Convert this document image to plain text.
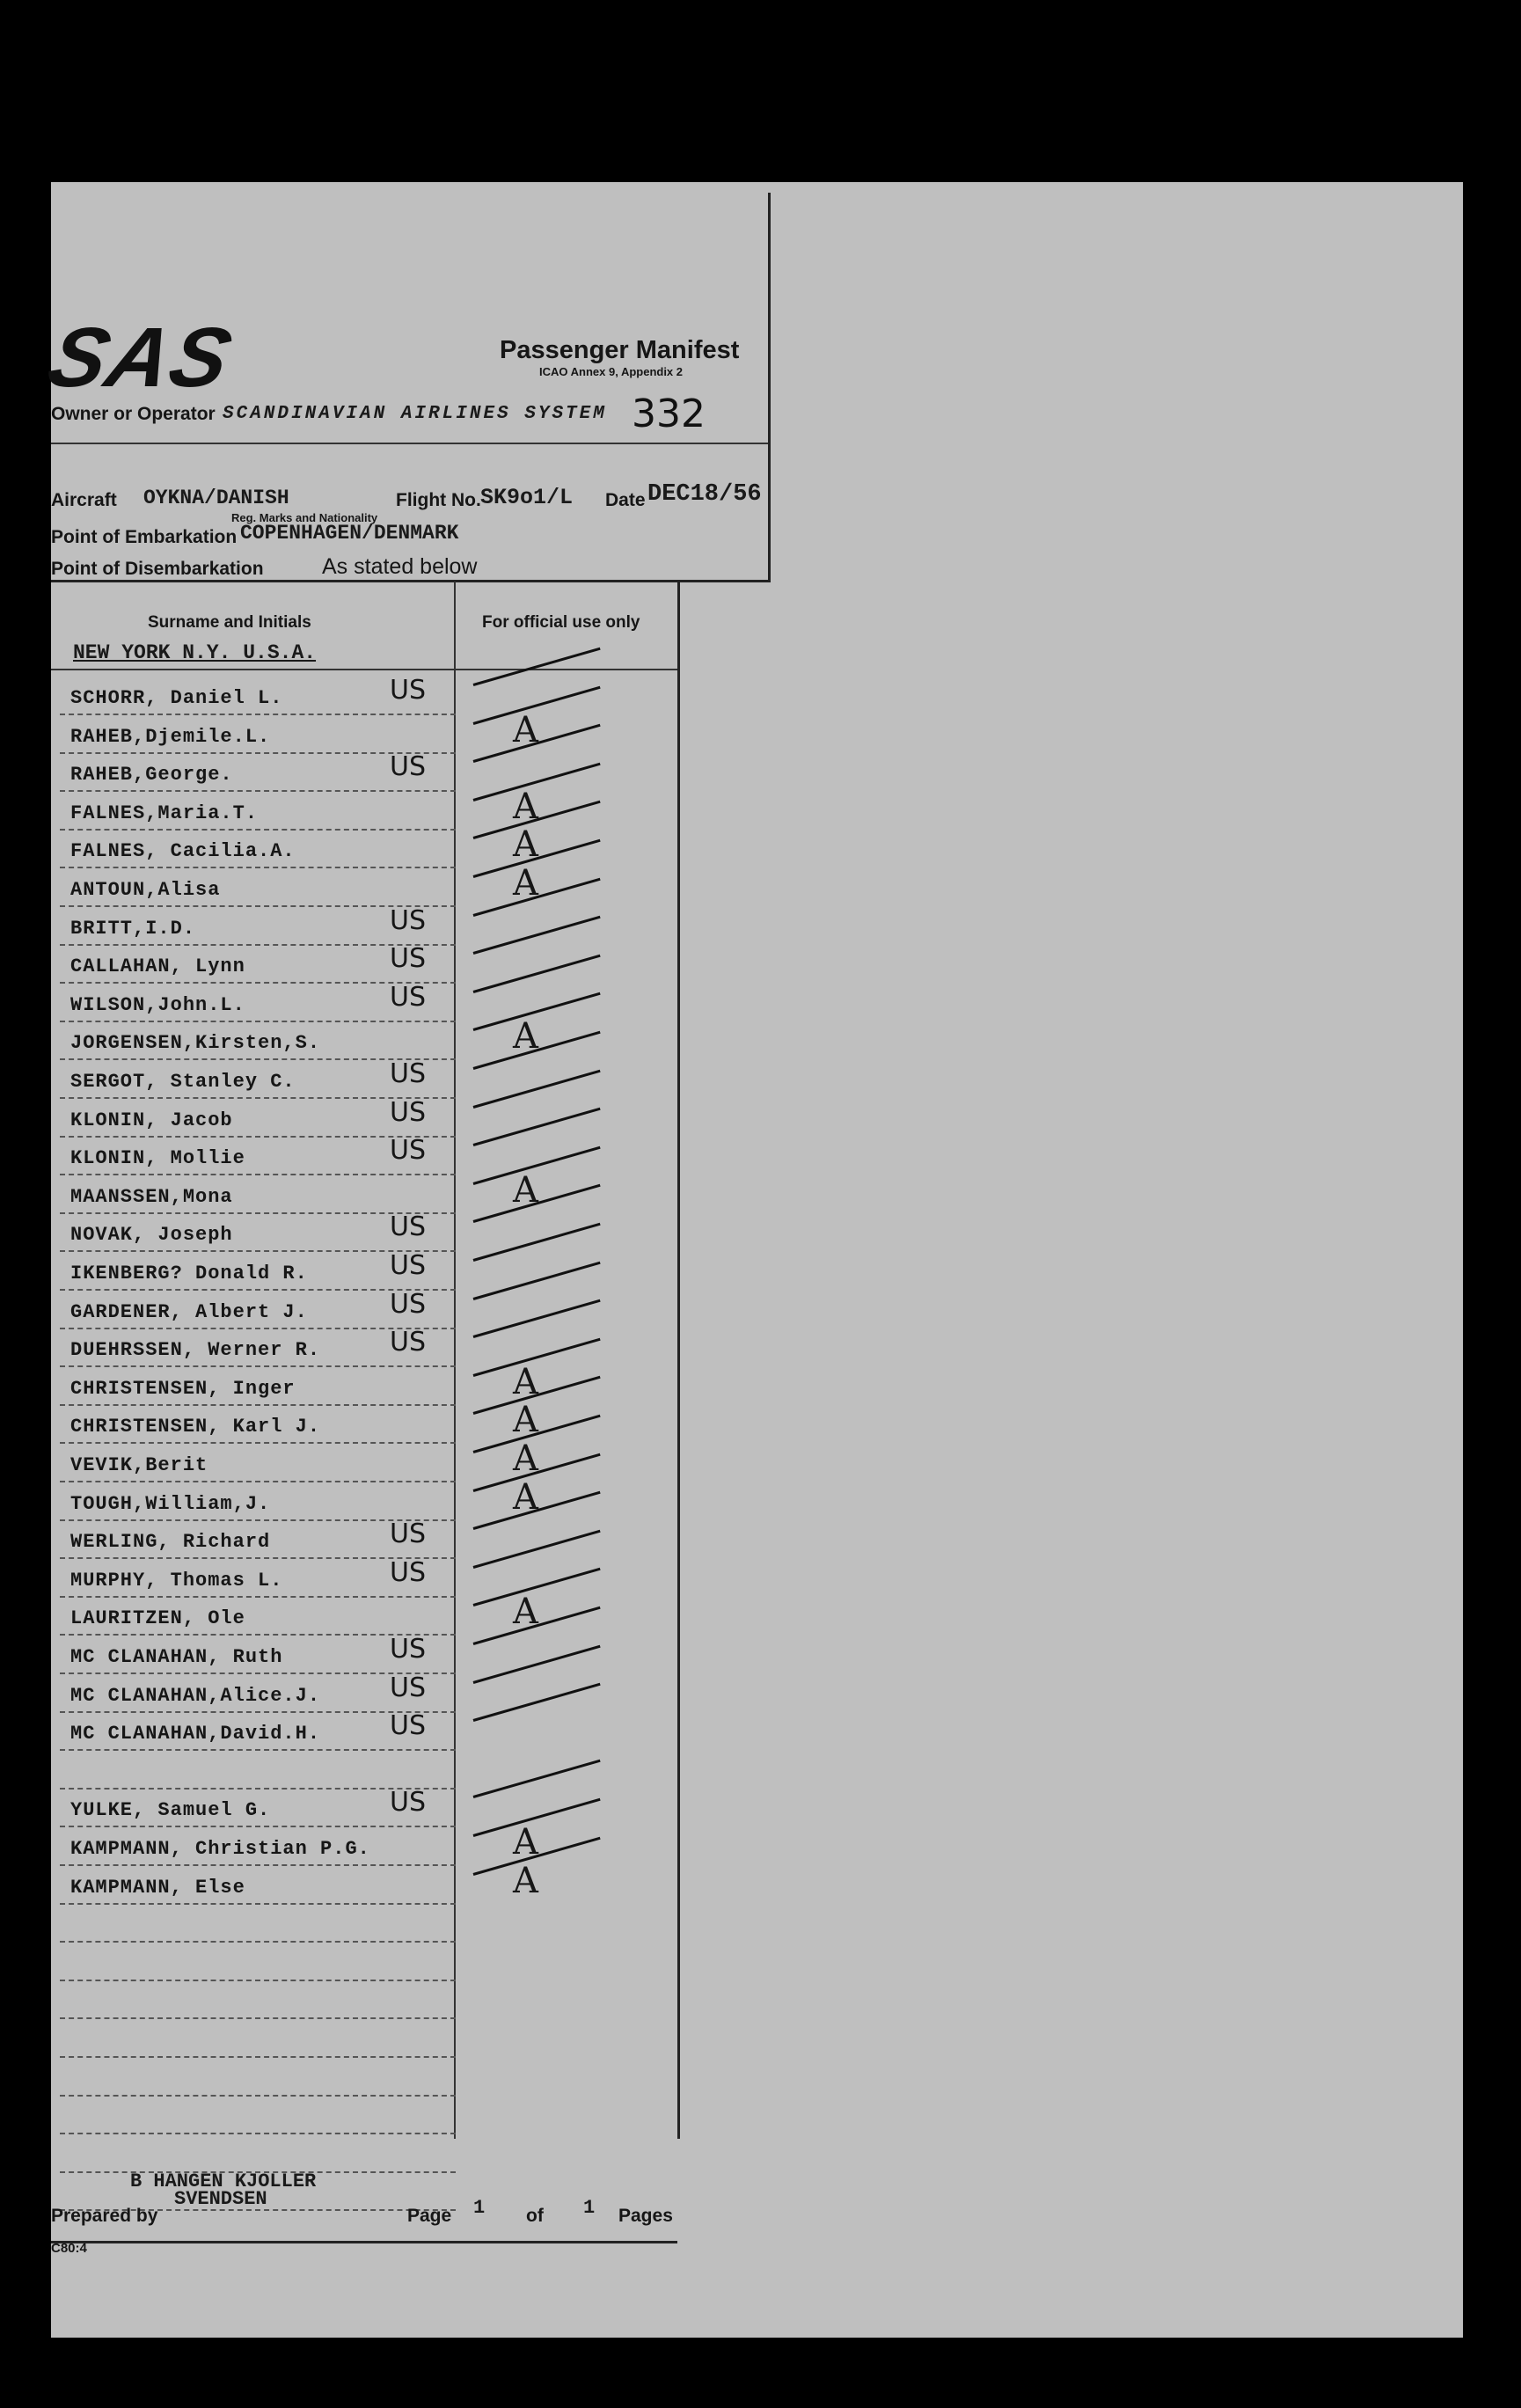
SAS	Passenger Manifest
ICAO Annex 9, Appendix 2
Owner or Operator SCANDINAVIAN AIRLINES SYSTEM 332
Aircraft OYKNA/DANISH	Flight No. SK9o1/L Date DEC18/56
Reg. Marks and Nationality
Point of Embarkation COPENHAGEN/DENMARK
Point of Disembarkation	As stated below
Surname and Initials	For official use only
NEW YORK N.Y. U.S.A.
SCHORR, Daniel L.	US
RAHEB,Djemile.L.	A
RAHEB,George.	US
FALNES,Maria.T.	A
FALNES, Cacilia.A.	A
ANTOUN,Alisa	A
BRITT,I.D.	US
CALLAHAN, Lynn	US
WILSON,John.L.	US
JORGENSEN,Kirsten,S.	A
SERGOT, Stanley C.	US
KLONIN, Jacob	US
KLONIN, Mollie	US
MAANSSEN,Mona	A
NOVAK, Joseph	US
IKENBERG? Donald R.	US
GARDENER, Albert J.	US
DUEHRSSEN, Werner R.	US
CHRISTENSEN, Inger	A
CHRISTENSEN, Karl J.	A
VEVIK,Berit	A
TOUGH,William,J.	A
WERLING, Richard	US
MURPHY, Thomas L.	US
LAURITZEN, Ole	A
MC CLANAHAN, Ruth	US
MC CLANAHAN,Alice.J.	US
MC CLANAHAN,David.H.	US
YULKE, Samuel G.	US
KAMPMANN, Christian P.G.	A
KAMPMANN, Else	A
B HANGEN KJOLLER
Prepared by
SVENDSEN
Page 1 of 1 Pages
C80:4
